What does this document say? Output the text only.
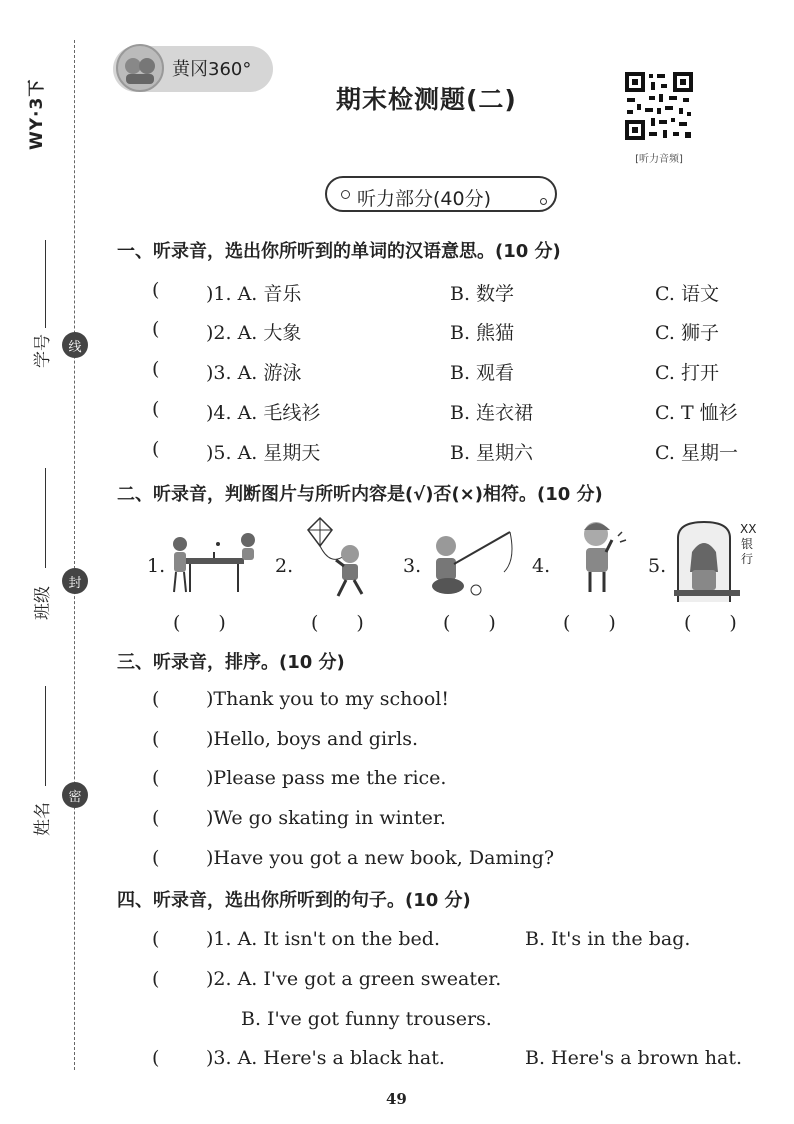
WY·3下
学号	线
班级
封
姓名
密
黄冈360°
期末检测题(二)
[听力音频]
听力部分(40分)
一、听录音，选出你所听到的单词的汉语意思。(10 分)
( )1. A. 音乐	B. 数学	C. 语文
( )2. A. 大象	B. 熊猫	C. 狮子
( )3. A. 游泳	B. 观看	C. 打开
( )4. A. 毛线衫	B. 连衣裙	C. T 恤衫
( )5. A. 星期天	B. 星期六	C. 星期一
二、听录音，判断图片与所听内容是(√)否(×)相符。(10 分)
1.	2.	3.	4.	5.
XX银行
(　　)	(　　)	(　　)	(　　)	(　　)
三、听录音，排序。(10 分)
( )Thank you to my school!
( )Hello, boys and girls.
( )Please pass me the rice.
( )We go skating in winter.
( )Have you got a new book, Daming?
四、听录音，选出你所听到的句子。(10 分)
( )1. A. It isn't on the bed.	B. It's in the bag.
( )2. A. I've got a green sweater.
B. I've got funny trousers.
( )3. A. Here's a black hat.	B. Here's a brown hat.
49
